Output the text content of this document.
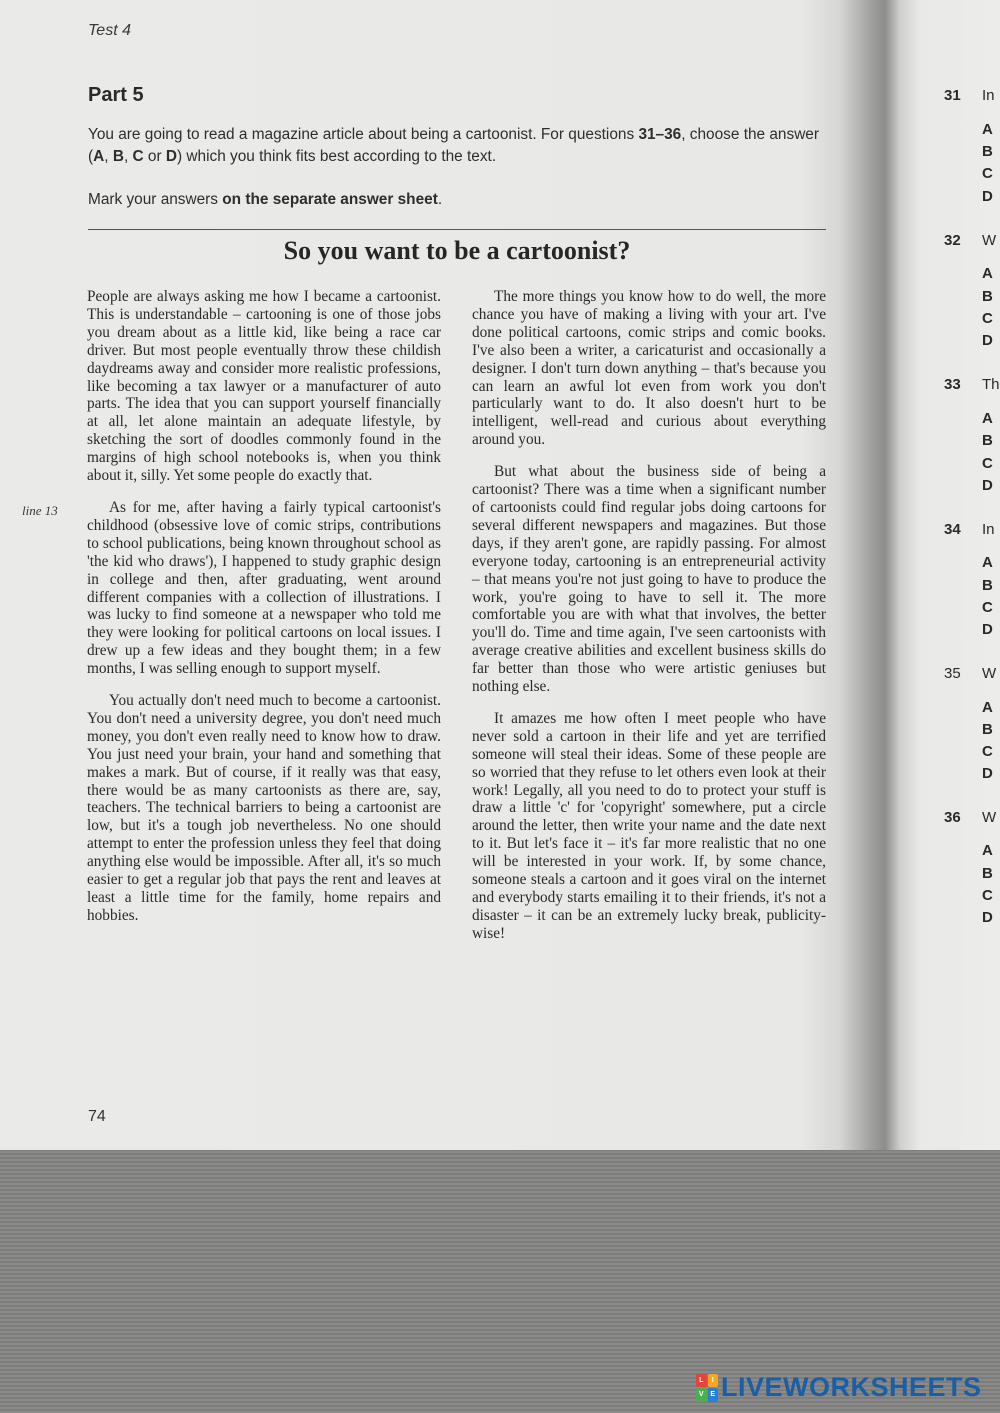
Test 4
Part 5
You are going to read a magazine article about being a cartoonist. For questions 31–36, choose the answer (A, B, C or D) which you think fits best according to the text.
Mark your answers on the separate answer sheet.
So you want to be a cartoonist?
line 13

People are always asking me how I became a cartoonist. This is understandable – cartooning is one of those jobs you dream about as a little kid, like being a race car driver. But most people eventually throw these childish daydreams away and consider more realistic professions, like becoming a tax lawyer or a manufacturer of auto parts. The idea that you can support yourself financially at all, let alone maintain an adequate lifestyle, by sketching the sort of doodles commonly found in the margins of high school notebooks is, when you think about it, silly. Yet some people do exactly that.

As for me, after having a fairly typical cartoonist's childhood (obsessive love of comic strips, contributions to school publications, being known throughout school as 'the kid who draws'), I happened to study graphic design in college and then, after graduating, went around different companies with a collection of illustrations. I was lucky to find someone at a newspaper who told me they were looking for political cartoons on local issues. I drew up a few ideas and they bought them; in a few months, I was selling enough to support myself.

You actually don't need much to become a cartoonist. You don't need a university degree, you don't need much money, you don't even really need to know how to draw. You just need your brain, your hand and something that makes a mark. But of course, if it really was that easy, there would be as many cartoonists as there are, say, teachers. The technical barriers to being a cartoonist are low, but it's a tough job nevertheless. No one should attempt to enter the profession unless they feel that doing anything else would be impossible. After all, it's so much easier to get a regular job that pays the rent and leaves at least a little time for the family, home repairs and hobbies.

The more things you know how to do well, the more chance you have of making a living with your art. I've done political cartoons, comic strips and comic books. I've also been a writer, a caricaturist and occasionally a designer. I don't turn down anything – that's because you can learn an awful lot even from work you don't particularly want to do. It also doesn't hurt to be intelligent, well-read and curious about everything around you.

But what about the business side of being a cartoonist? There was a time when a significant number of cartoonists could find regular jobs doing cartoons for several different newspapers and magazines. But those days, if they aren't gone, are rapidly passing. For almost everyone today, cartooning is an entrepreneurial activity – that means you're not just going to have to produce the work, you're going to have to sell it. The more comfortable you are with what that involves, the better you'll do. Time and time again, I've seen cartoonists with average creative abilities and excellent business skills do far better than those who were artistic geniuses but nothing else.

It amazes me how often I meet people who have never sold a cartoon in their life and yet are terrified someone will steal their ideas. Some of these people are so worried that they refuse to let others even look at their work! Legally, all you need to do to protect your stuff is draw a little 'c' for 'copyright' somewhere, put a circle around the letter, then write your name and the date next to it. But let's face it – it's far more realistic that no one will be interested in your work. If, by some chance, someone steals a cartoon and it goes viral on the internet and everybody starts emailing it to their friends, it's not a disaster – it can be an extremely lucky break, publicity-wise!

74
31 In
A
B
C
D
32 W
A
B
C
D
33 Th
A
B
C
D
34 In
A
B
C
D
35 W
A
B
C
D
36 W
A
B
C
D
L	I
V E LIVEWORKSHEETS
